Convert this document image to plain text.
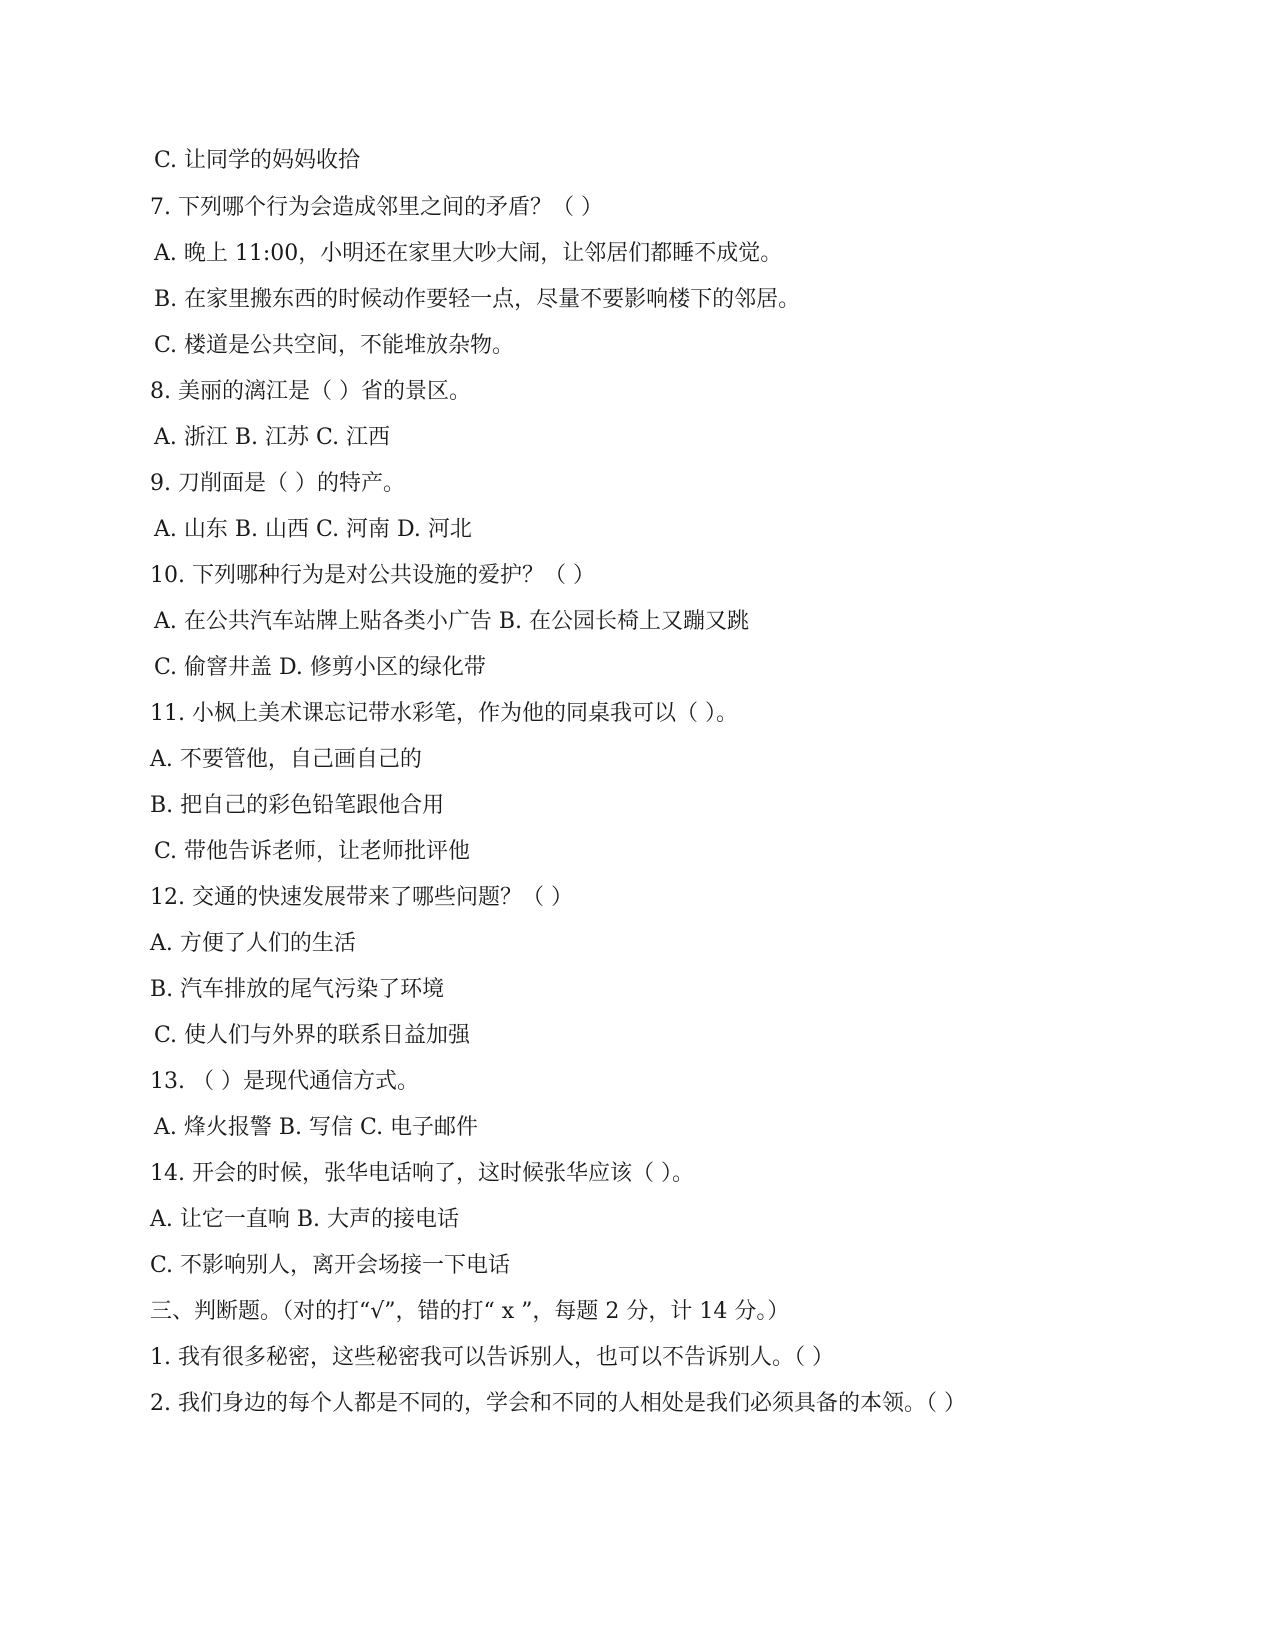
C. 让同学的妈妈收拾
7. 下列哪个行为会造成邻里之间的矛盾？（ ）
A. 晚上 11:00，小明还在家里大吵大闹，让邻居们都睡不成觉。
B. 在家里搬东西的时候动作要轻一点，尽量不要影响楼下的邻居。
C. 楼道是公共空间，不能堆放杂物。
8. 美丽的漓江是（ ）省的景区。
A. 浙江 B. 江苏 C. 江西
9. 刀削面是（ ）的特产。
A. 山东 B. 山西 C. 河南 D. 河北
10. 下列哪种行为是对公共设施的爱护？（ ）
A. 在公共汽车站牌上贴各类小广告 B. 在公园长椅上又蹦又跳
C. 偷窨井盖 D. 修剪小区的绿化带
11. 小枫上美术课忘记带水彩笔，作为他的同桌我可以（ ）。
A. 不要管他，自己画自己的
B. 把自己的彩色铅笔跟他合用
C. 带他告诉老师，让老师批评他
12. 交通的快速发展带来了哪些问题？（ ）
A. 方便了人们的生活
B. 汽车排放的尾气污染了环境
C. 使人们与外界的联系日益加强
13. （ ）是现代通信方式。
A. 烽火报警 B. 写信 C. 电子邮件
14. 开会的时候，张华电话响了，这时候张华应该（ ）。
A. 让它一直响 B. 大声的接电话
C. 不影响别人，离开会场接一下电话
三、判断题。（对的打“√”，错的打“ x ”，每题 2 分，计 14 分。）
1. 我有很多秘密，这些秘密我可以告诉别人，也可以不告诉别人。（ ）
2. 我们身边的每个人都是不同的，学会和不同的人相处是我们必须具备的本领。（ ）
